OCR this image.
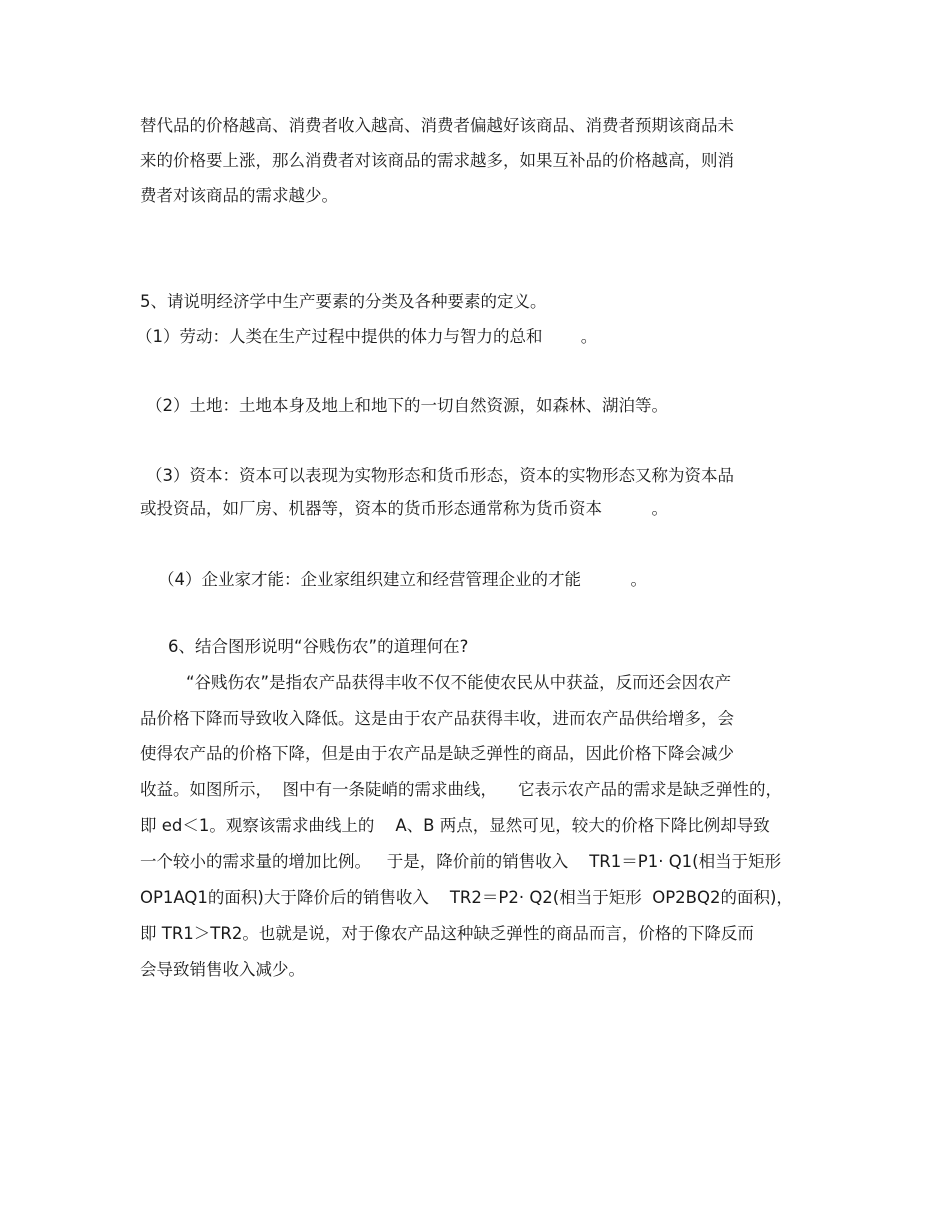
替代品的价格越高、消费者收入越高、消费者偏越好该商品、消费者预期该商品未
来的价格要上涨，那么消费者对该商品的需求越多，如果互补品的价格越高，则消
费者对该商品的需求越少。
5、请说明经济学中生产要素的分类及各种要素的定义。
（1）劳动：人类在生产过程中提供的体力与智力的总和　　 。
（2）土地：土地本身及地上和地下的一切自然资源，如森林、湖泊等。
（3）资本：资本可以表现为实物形态和货币形态，资本的实物形态又称为资本品
或投资品，如厂房、机器等，资本的货币形态通常称为货币资本　　　。
（4）企业家才能：企业家组织建立和经营管理企业的才能　　　。
6、结合图形说明“谷贱伤农”的道理何在?
“谷贱伤农”是指农产品获得丰收不仅不能使农民从中获益，反而还会因农产
品价格下降而导致收入降低。这是由于农产品获得丰收，进而农产品供给增多，会
使得农产品的价格下降，但是由于农产品是缺乏弹性的商品，因此价格下降会减少
收益。如图所示，  图中有一条陡峭的需求曲线，    它表示农产品的需求是缺乏弹性的，
即 ed＜1。观察该需求曲线上的    A、B 两点，显然可见，较大的价格下降比例却导致
一个较小的需求量的增加比例。   于是，降价前的销售收入    TR1＝P1· Q1(相当于矩形
OP1AQ1的面积)大于降价后的销售收入    TR2＝P2· Q2(相当于矩形  OP2BQ2的面积)，
即 TR1＞TR2。也就是说，对于像农产品这种缺乏弹性的商品而言，价格的下降反而
会导致销售收入减少。
